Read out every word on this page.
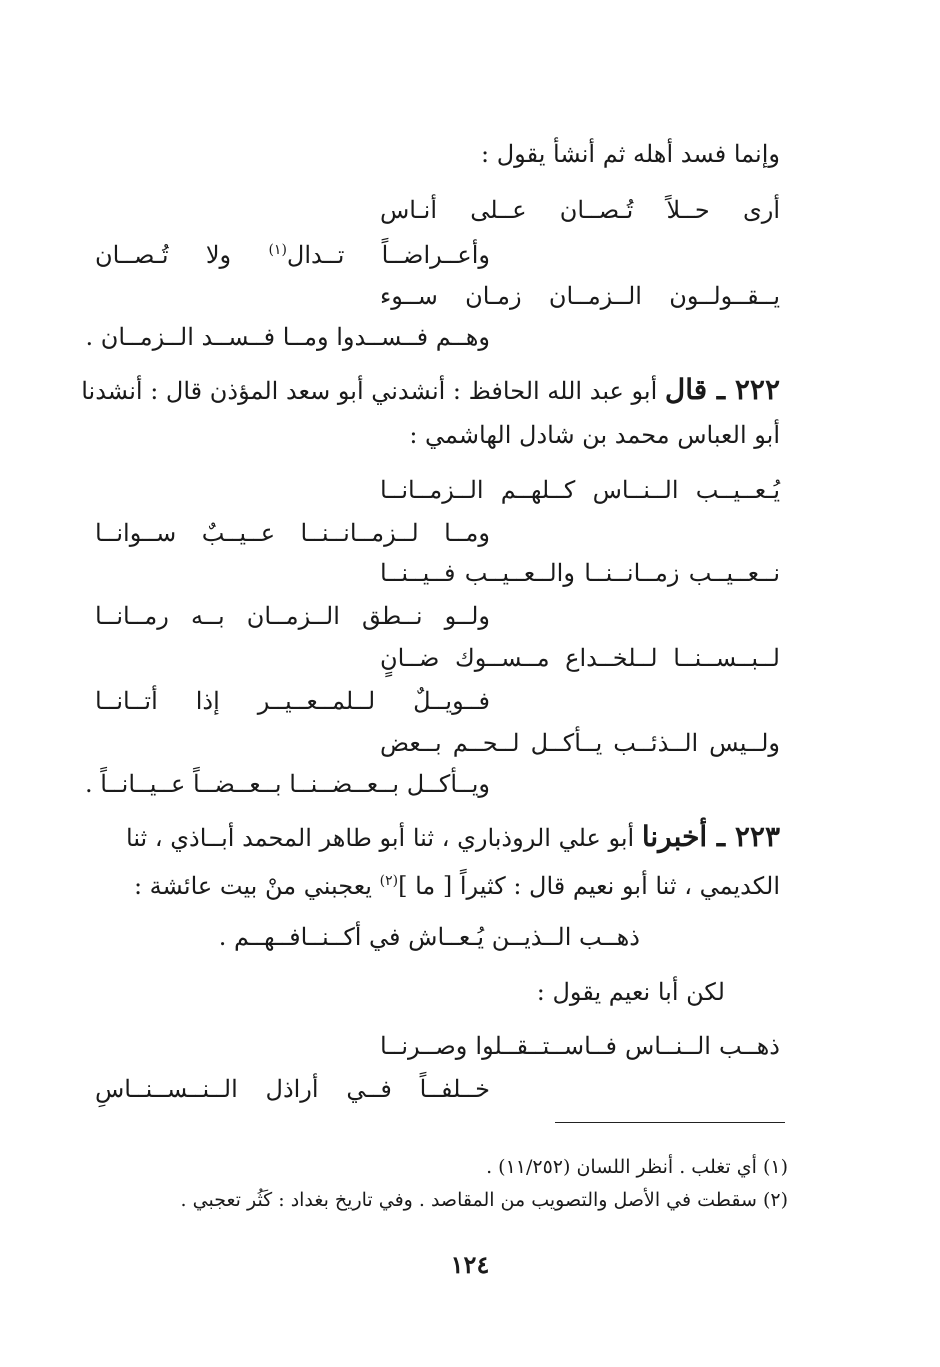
وإنما فسد أهله ثم أنشأ يقول :
أرى حــلاً تُـصــان عــلى أنـاس
وأعــراضــاً تــدال$^{(١)}$ ولا تُـصــان
يــقــولــون الــزمــان زمـان ســوء
وهــم فــســدوا ومــا فــســد الــزمــان .
٢٢٢ ـ قال أبو عبد الله الحافظ : أنشدني أبو سعد المؤذن قال : أنشدنا
أبو العباس محمد بن شادل الهاشمي :
يُـعــيــب الــنــاس كــلهــم الــزمــانــا
ومــا لــزمــانــنــا عــيــبٌ ســوانــا
نــعــيــب زمــانــنــا والــعــيــب فــيــنــا
ولــو نــطق الــزمــان بــه رمــانــا
لــبــســنــا لــلخــداع مــســوك ضــانٍ
فــويــلٌ لــلمــعــيــر إذا أتــانــا
ولــيس الــذئــب يــأكــل لــحــم بــعض
ويــأكــل بــعــضــنــا بــعــضــاً عــيــانــاً .
٢٢٣ ـ أخبرنا أبو علي الروذباري ، ثنا أبو طاهر المحمد أبــاذي ، ثنا
الكديمي ، ثنا أبو نعيم قال : كثيراً [ ما ]$^{(٢)}$ يعجبني منْ بيت عائشة :
ذهــب الــذيــن يُـعــاش في أكــنــافــهــم .
لكن أبا نعيم يقول :
ذهــب الــنــاس فــاســتــقــلوا وصــرنــا
خــلفــاً فــي أراذل الــنــســنــاسِ
(١) أي تغلب . أنظر اللسان (١١/٢٥٢) .
(٢) سقطت في الأصل والتصويب من المقاصد . وفي تاريخ بغداد : كَثُر تعجبي .
١٢٤
